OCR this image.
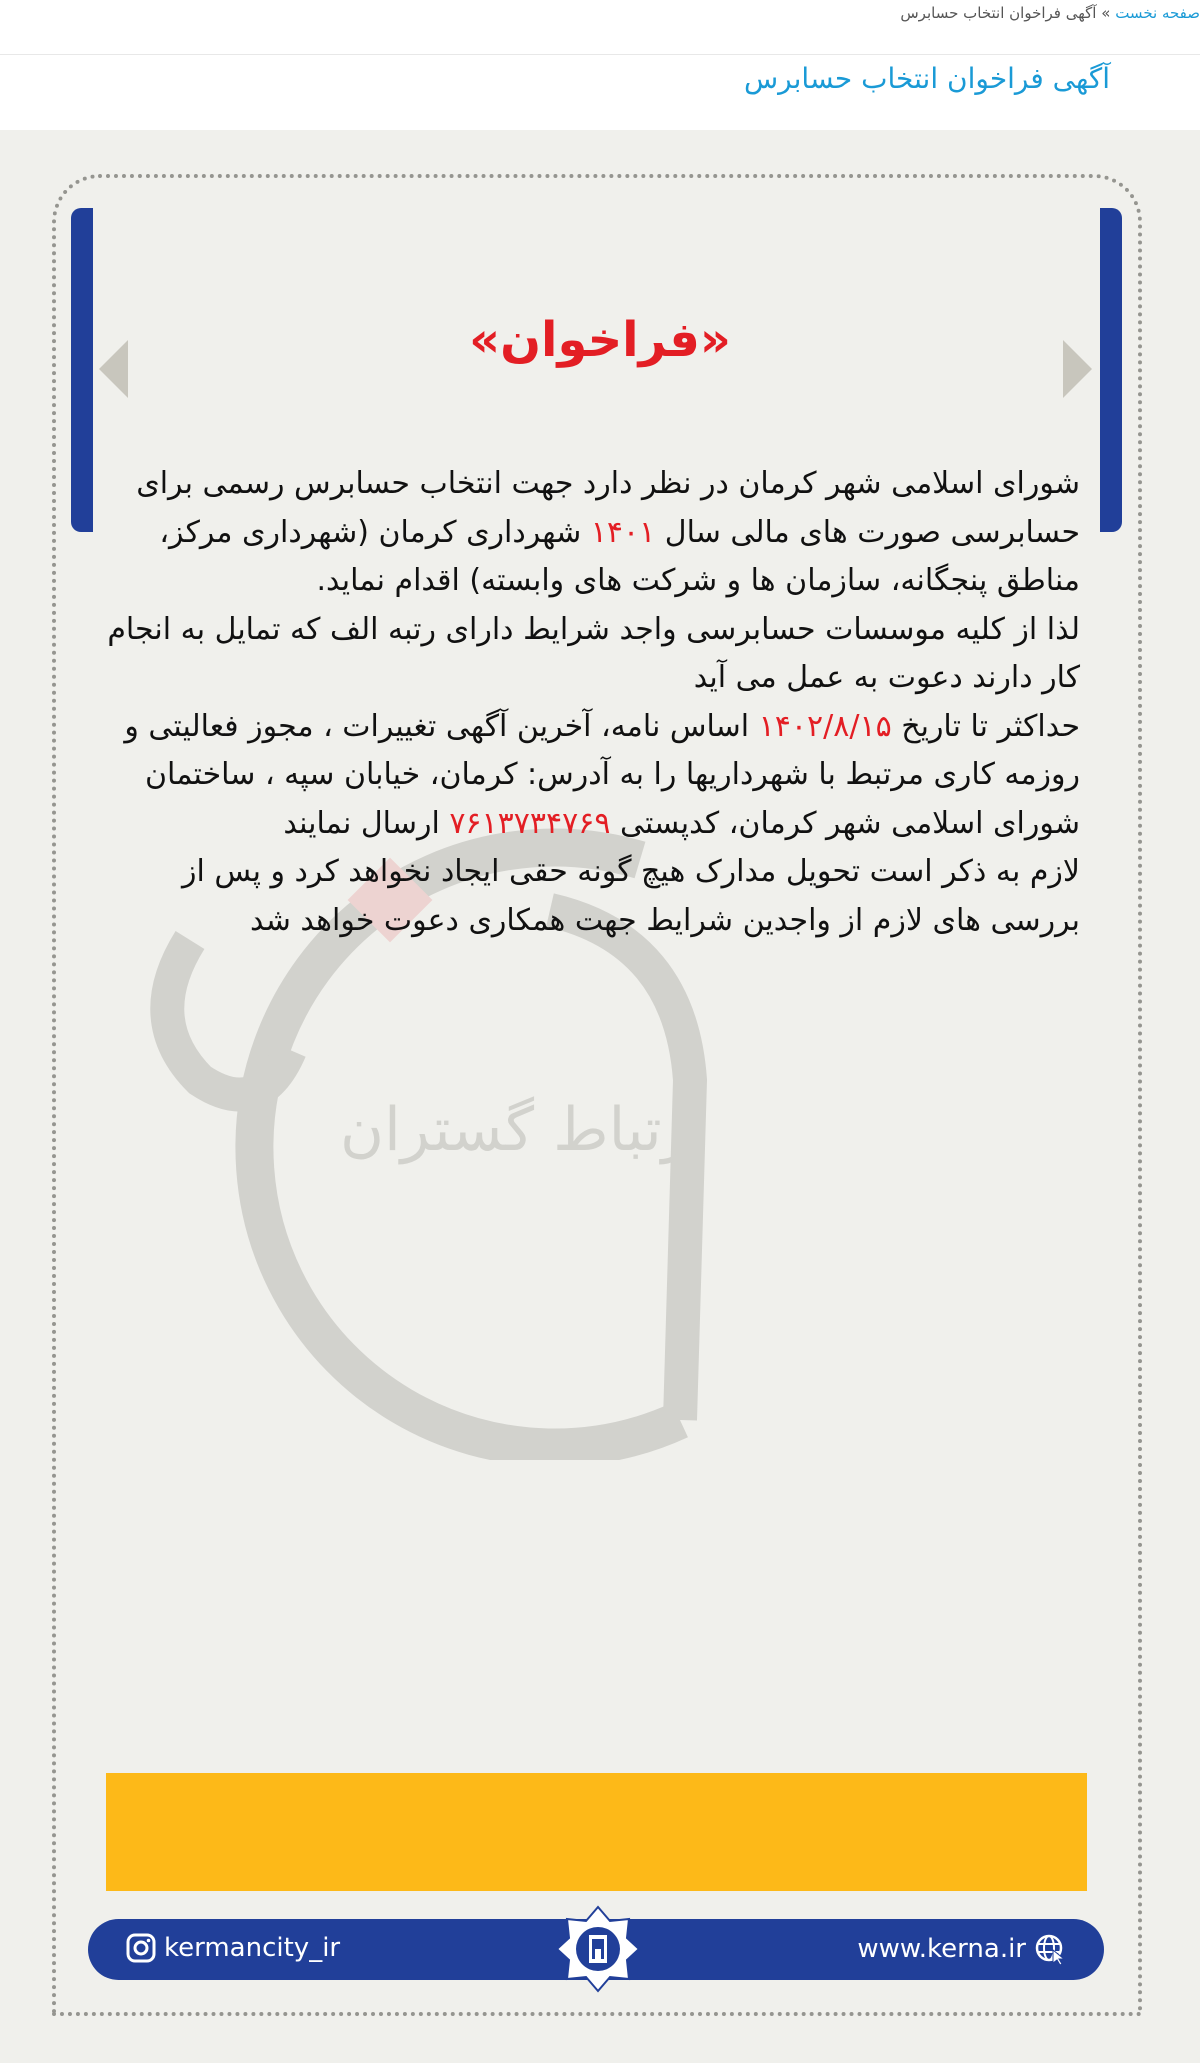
صفحه نخست » آگهی فراخوان انتخاب حسابرس
آگهی فراخوان انتخاب حسابرس
ارتباط گستران
«فراخوان»
شورای اسلامی شهر کرمان در نظر دارد جهت انتخاب حسابرس رسمی برای حسابرسی صورت های مالی سال ۱۴۰۱ شهرداری کرمان (شهرداری مرکز، مناطق پنجگانه، سازمان ها و شرکت های وابسته) اقدام نماید.
لذا از کلیه موسسات حسابرسی واجد شرایط دارای رتبه الف که تمایل به انجام کار دارند دعوت به عمل می آید
حداکثر تا تاریخ ۱۴۰۲/۸/۱۵ اساس نامه، آخرین آگهی تغییرات ، مجوز فعالیتی و روزمه کاری مرتبط با شهرداریها را به آدرس: کرمان، خیابان سپه ، ساختمان شورای اسلامی شهر کرمان، کدپستی ۷۶۱۳۷۳۴۷۶۹ ارسال نمایند
لازم به ذکر است تحویل مدارک هیچ گونه حقی ایجاد نخواهد کرد و پس از بررسی های لازم از واجدین شرایط جهت همکاری دعوت خواهد شد
kermancity_ir	www.kerna.ir
